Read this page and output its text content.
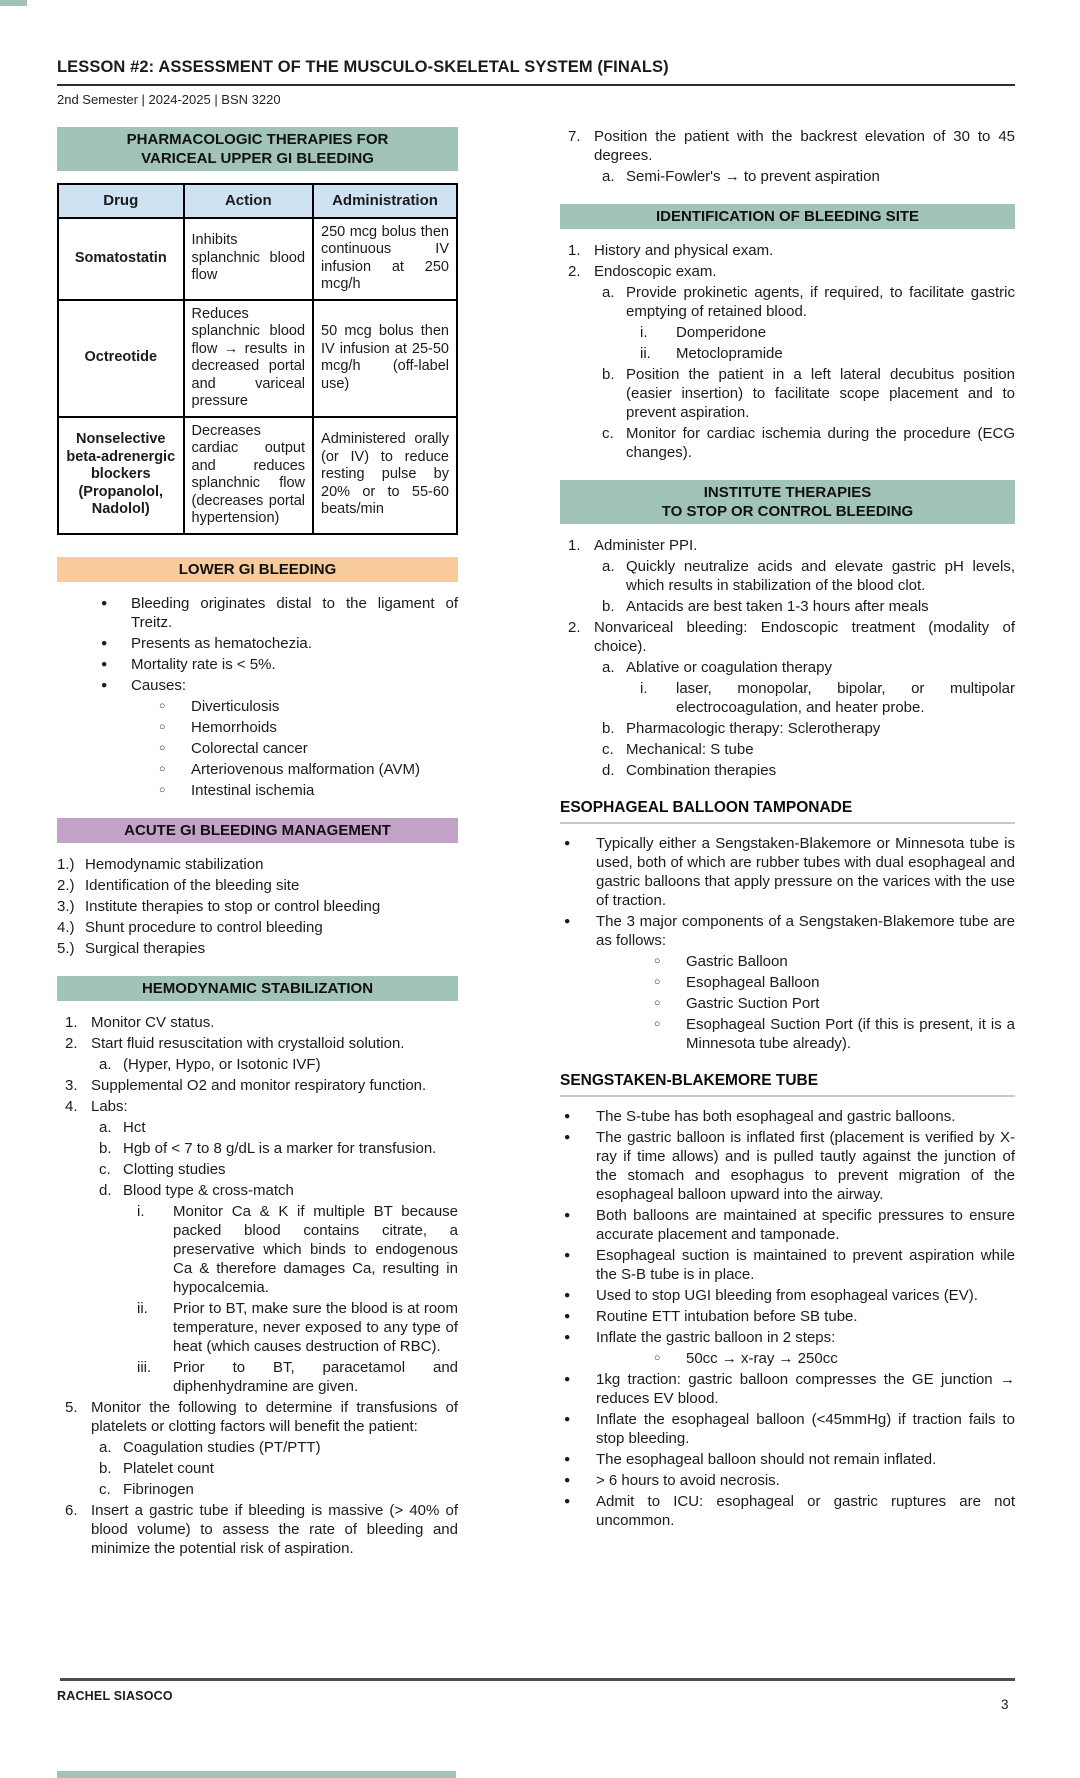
LESSON #2: ASSESSMENT OF THE MUSCULO-SKELETAL SYSTEM (FINALS)
2nd Semester | 2024-2025 | BSN 3220
PHARMACOLOGIC THERAPIES FOR
VARICEAL UPPER GI BLEEDING
Drug	Action	Administration
Somatostatin	Inhibits splanchnic blood flow	250 mcg bolus then continuous IV infusion at 250 mcg/h
Octreotide	Reduces splanchnic blood flow → results in decreased portal and variceal pressure	50 mcg bolus then IV infusion at 25-50 mcg/h (off-label use)
Nonselective beta-adrenergic blockers (Propanolol, Nadolol)	Decreases cardiac output and reduces splanchnic flow (decreases portal hypertension)	Administered orally (or IV) to reduce resting pulse by 20% or to 55-60 beats/min
LOWER GI BLEEDING
● Bleeding originates distal to the ligament of Treitz.
● Presents as hematochezia.
● Mortality rate is < 5%.
● Causes:
○ Diverticulosis
○ Hemorrhoids
○ Colorectal cancer
○ Arteriovenous malformation (AVM)
○ Intestinal ischemia
ACUTE GI BLEEDING MANAGEMENT
1.) Hemodynamic stabilization
2.) Identification of the bleeding site
3.) Institute therapies to stop or control bleeding
4.) Shunt procedure to control bleeding
5.) Surgical therapies
HEMODYNAMIC STABILIZATION
1. Monitor CV status.
2. Start fluid resuscitation with crystalloid solution.
a. (Hyper, Hypo, or Isotonic IVF)
3. Supplemental O2 and monitor respiratory function.
4. Labs:
a. Hct
b. Hgb of < 7 to 8 g/dL is a marker for transfusion.
c. Clotting studies
d. Blood type & cross-match
i. Monitor Ca & K if multiple BT because packed blood contains citrate, a preservative which binds to endogenous Ca & therefore damages Ca, resulting in hypocalcemia.
ii. Prior to BT, make sure the blood is at room temperature, never exposed to any type of heat (which causes destruction of RBC).
iii. Prior to BT, paracetamol and diphenhydramine are given.
5. Monitor the following to determine if transfusions of platelets or clotting factors will benefit the patient:
a. Coagulation studies (PT/PTT)
b. Platelet count
c. Fibrinogen
6. Insert a gastric tube if bleeding is massive (> 40% of blood volume) to assess the rate of bleeding and minimize the potential risk of aspiration.
7. Position the patient with the backrest elevation of 30 to 45 degrees.
a. Semi-Fowler's → to prevent aspiration
IDENTIFICATION OF BLEEDING SITE
1. History and physical exam.
2. Endoscopic exam.
a. Provide prokinetic agents, if required, to facilitate gastric emptying of retained blood.
i. Domperidone
ii. Metoclopramide
b. Position the patient in a left lateral decubitus position (easier insertion) to facilitate scope placement and to prevent aspiration.
c. Monitor for cardiac ischemia during the procedure (ECG changes).
INSTITUTE THERAPIES
TO STOP OR CONTROL BLEEDING
1. Administer PPI.
a. Quickly neutralize acids and elevate gastric pH levels, which results in stabilization of the blood clot.
b. Antacids are best taken 1-3 hours after meals
2. Nonvariceal bleeding: Endoscopic treatment (modality of choice).
a. Ablative or coagulation therapy
i. laser, monopolar, bipolar, or multipolar electrocoagulation, and heater probe.
b. Pharmacologic therapy: Sclerotherapy
c. Mechanical: S tube
d. Combination therapies
ESOPHAGEAL BALLOON TAMPONADE
● Typically either a Sengstaken-Blakemore or Minnesota tube is used, both of which are rubber tubes with dual esophageal and gastric balloons that apply pressure on the varices with the use of traction.
● The 3 major components of a Sengstaken-Blakemore tube are as follows:
○ Gastric Balloon
○ Esophageal Balloon
○ Gastric Suction Port
○ Esophageal Suction Port (if this is present, it is a Minnesota tube already).
SENGSTAKEN-BLAKEMORE TUBE
● The S-tube has both esophageal and gastric balloons.
● The gastric balloon is inflated first (placement is verified by X-ray if time allows) and is pulled tautly against the junction of the stomach and esophagus to prevent migration of the esophageal balloon upward into the airway.
● Both balloons are maintained at specific pressures to ensure accurate placement and tamponade.
● Esophageal suction is maintained to prevent aspiration while the S-B tube is in place.
● Used to stop UGI bleeding from esophageal varices (EV).
● Routine ETT intubation before SB tube.
● Inflate the gastric balloon in 2 steps:
○ 50cc → x-ray → 250cc
● 1kg traction: gastric balloon compresses the GE junction → reduces EV blood.
● Inflate the esophageal balloon (<45mmHg) if traction fails to stop bleeding.
● The esophageal balloon should not remain inflated.
● > 6 hours to avoid necrosis.
● Admit to ICU: esophageal or gastric ruptures are not uncommon.
RACHEL SIASOCO
3
